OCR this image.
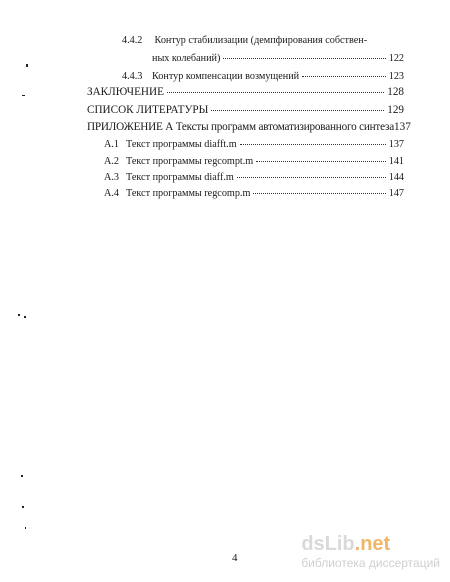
4.4.2 Контур стабилизации (демпфирования собствен-
ных колебаний)	122
4.4.3 Контур компенсации возмущений	123
ЗАКЛЮЧЕНИЕ	128
СПИСОК ЛИТЕРАТУРЫ	129
ПРИЛОЖЕНИЕ А Тексты программ автоматизированного синтеза 137
А.1 Текст программы diafft.m	137
А.2 Текст программы regcompt.m	141
А.3 Текст программы diaff.m	144
А.4 Текст программы regcomp.m	147
4
dsLib.net
библиотека диссертаций
